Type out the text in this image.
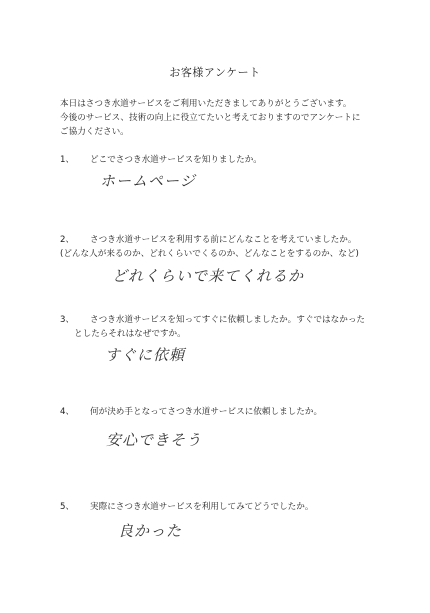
お客様アンケート
本日はさつき水道サービスをご利用いただきましてありがとうございます。
今後のサービス、技術の向上に役立てたいと考えておりますのでアンケートに
ご協力ください。
1、 どこでさつき水道サービスを知りましたか。
ホームページ
2、 さつき水道サービスを利用する前にどんなことを考えていましたか。
(どんな人が来るのか、どれくらいでくるのか、どんなことをするのか、など)
どれくらいで来てくれるか
3、 さつき水道サービスを知ってすぐに依頼しましたか。すぐではなかった
としたらそれはなぜですか。
すぐに依頼
4、 何が決め手となってさつき水道サービスに依頼しましたか。
安心できそう
5、 実際にさつき水道サービスを利用してみてどうでしたか。
良かった
